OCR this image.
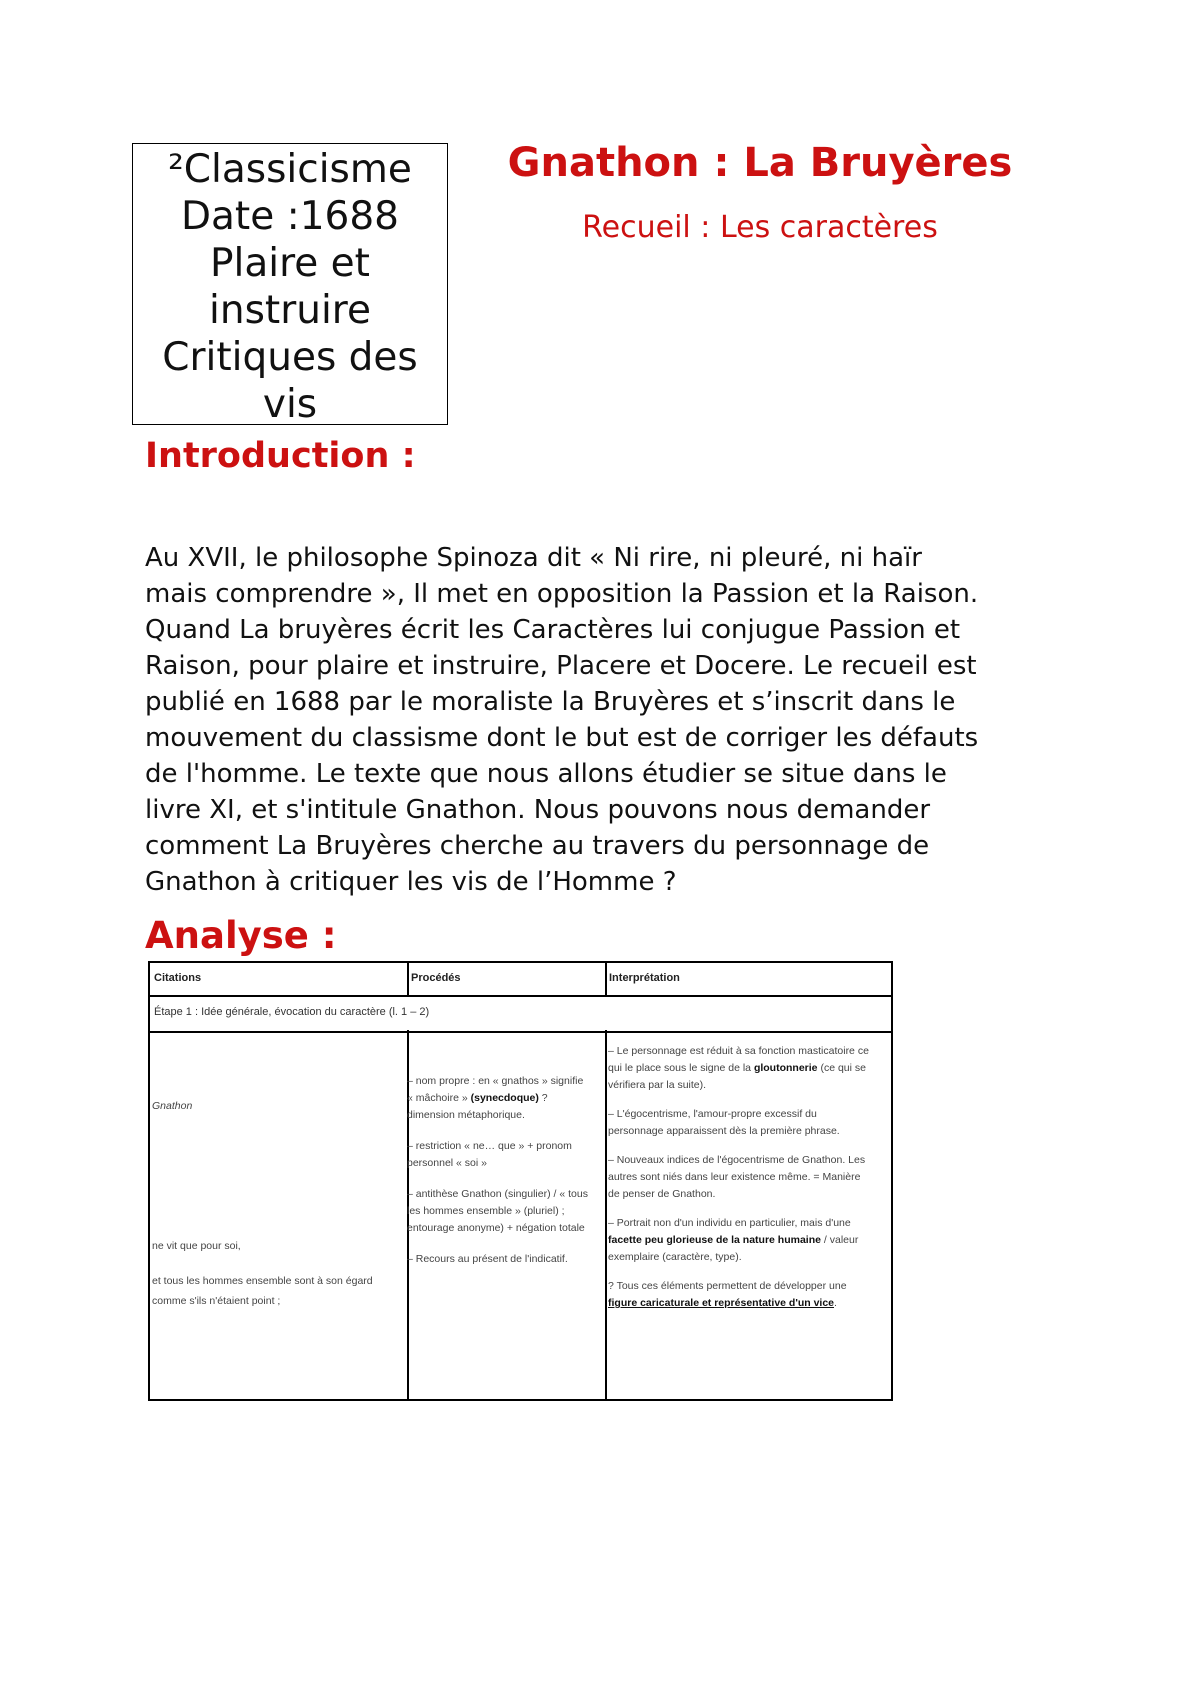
²Classicisme
Date :1688
Plaire et
instruire
Critiques des
vis
Gnathon : La Bruyères
Recueil : Les caractères
Introduction :
Au XVII, le philosophe Spinoza dit « Ni rire, ni pleuré, ni haïr
mais comprendre », Il met en opposition la Passion et la Raison.
Quand La bruyères écrit les Caractères lui conjugue Passion et
Raison, pour plaire et instruire, Placere et Docere. Le recueil est
publié en 1688 par le moraliste la Bruyères et s’inscrit dans le
mouvement du classisme dont le but est de corriger les défauts
de l'homme. Le texte que nous allons étudier se situe dans le
livre XI, et s'intitule Gnathon. Nous pouvons nous demander
comment La Bruyères cherche au travers du personnage de
Gnathon à critiquer les vis de l’Homme ?
Analyse :
Citations	Procédés	Interprétation
Étape 1 : Idée générale, évocation du caractère (l. 1 – 2)
Gnathon
ne vit que pour soi,
et tous les hommes ensemble sont à son égard
comme s'ils n'étaient point ;

– nom propre : en « gnathos » signifie
« mâchoire » (synecdoque) ?
dimension métaphorique.

– restriction « ne… que » + pronom
personnel « soi »

– antithèse Gnathon (singulier) / « tous
les hommes ensemble » (pluriel) ;
entourage anonyme) + négation totale

– Recours au présent de l'indicatif.

– Le personnage est réduit à sa fonction masticatoire ce
qui le place sous le signe de la gloutonnerie (ce qui se
vérifiera par la suite).

– L'égocentrisme, l'amour-propre excessif du
personnage apparaissent dès la première phrase.

– Nouveaux indices de l'égocentrisme de Gnathon. Les
autres sont niés dans leur existence même. = Manière
de penser de Gnathon.

– Portrait non d'un individu en particulier, mais d'une
facette peu glorieuse de la nature humaine / valeur
exemplaire (caractère, type).

? Tous ces éléments permettent de développer une
figure caricaturale et représentative d'un vice.
